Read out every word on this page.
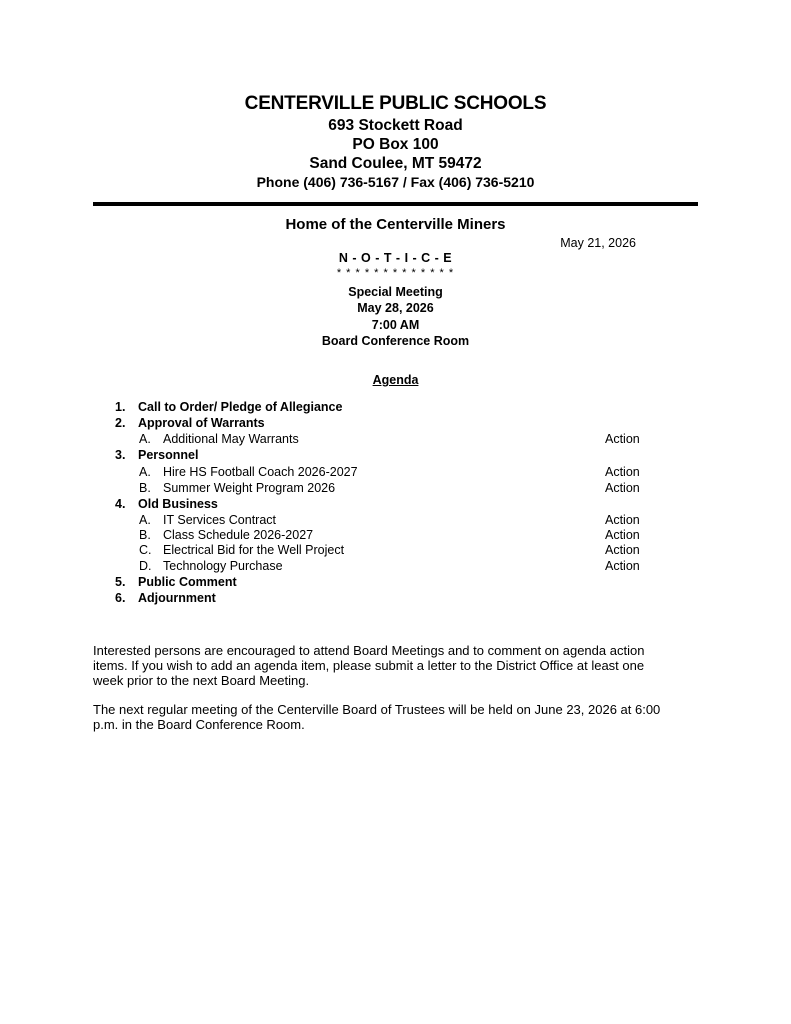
CENTERVILLE PUBLIC SCHOOLS
693 Stockett Road
PO Box 100
Sand Coulee, MT 59472
Phone (406) 736-5167 / Fax (406) 736-5210
Home of the Centerville Miners
May 21, 2026
N - O - T - I - C - E
* * * * * * * * * * * * *
Special Meeting
May 28, 2026
7:00 AM
Board Conference Room
Agenda
1. Call to Order/ Pledge of Allegiance
2. Approval of Warrants
A. Additional May Warrants	Action
3. Personnel
A. Hire HS Football Coach 2026-2027	Action
B. Summer Weight Program 2026	Action
4. Old Business
A. IT Services Contract	Action
B. Class Schedule 2026-2027	Action
C. Electrical Bid for the Well Project	Action
D. Technology Purchase	Action
5. Public Comment
6. Adjournment

Interested persons are encouraged to attend Board Meetings and to comment on agenda action

items. If you wish to add an agenda item, please submit a letter to the District Office at least one

week prior to the next Board Meeting.

The next regular meeting of the Centerville Board of Trustees will be held on June 23, 2026 at 6:00

p.m. in the Board Conference Room.
